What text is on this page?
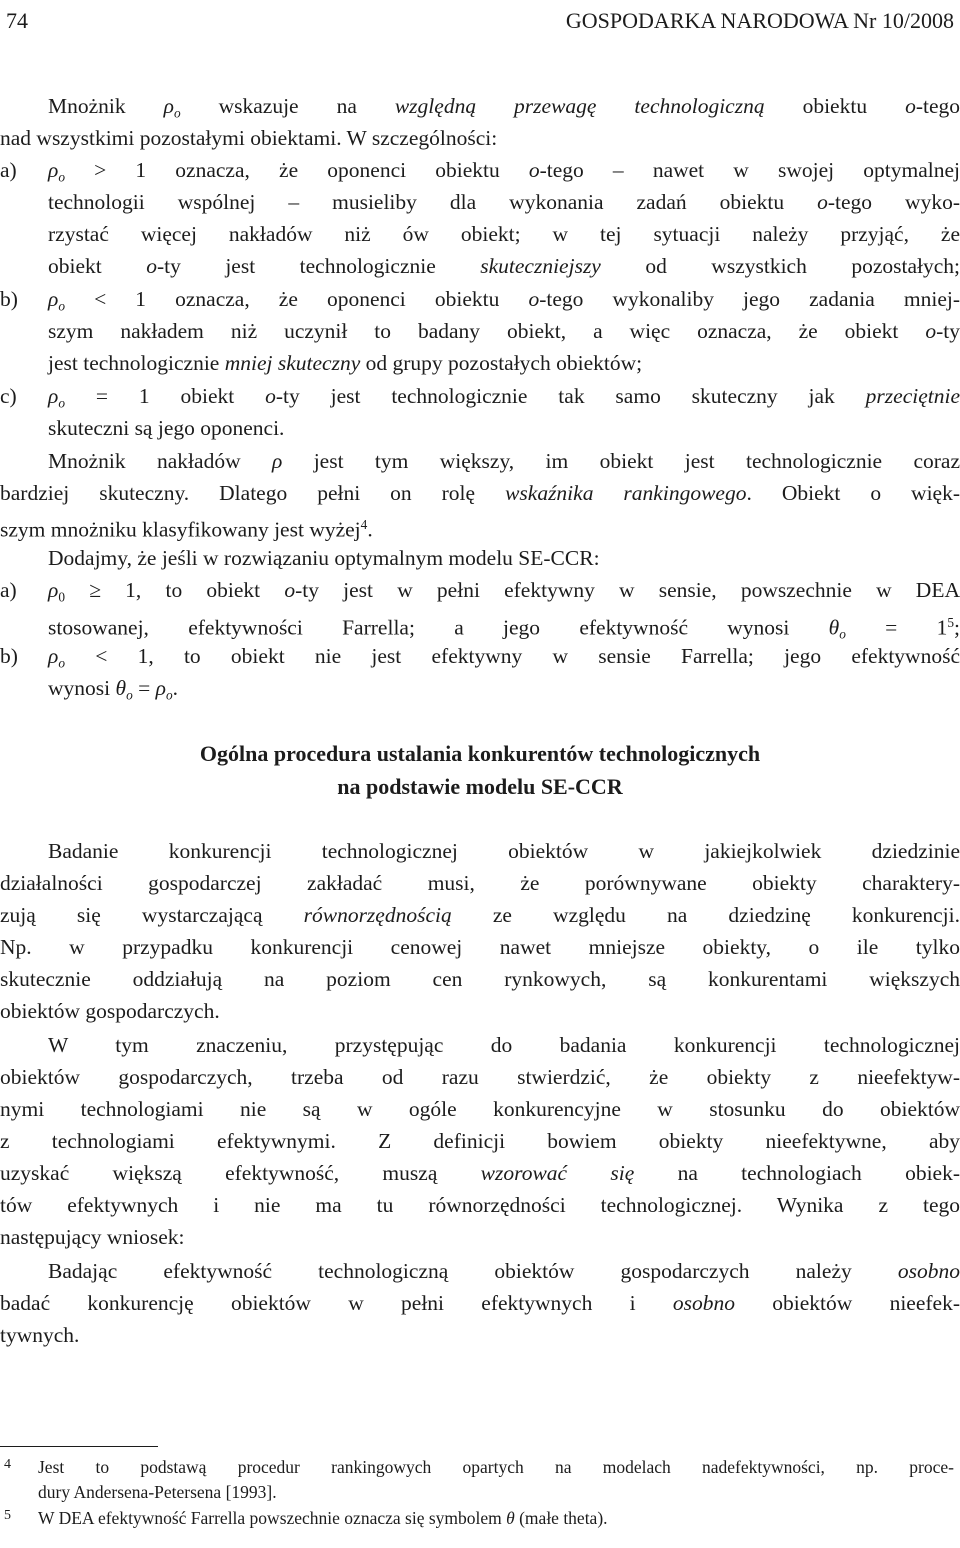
74	GOSPODARKA NARODOWA Nr 10/2008

Mnożnik $\rho_o$ wskazuje na względną przewagę technologiczną obiektu o-tego

nad wszystkimi pozostałymi obiektami. W szczególności:

a) $\rho_o > 1$ oznacza, że oponenci obiektu o-tego – nawet w swojej optymalnej

technologii wspólnej – musieliby dla wykonania zadań obiektu o-tego wyko-

rzystać więcej nakładów niż ów obiekt; w tej sytuacji należy przyjąć, że

obiekt o-ty jest technologicznie skuteczniejszy od wszystkich pozostałych;

b) $\rho_o < 1$ oznacza, że oponenci obiektu o-tego wykonaliby jego zadania mniej-

szym nakładem niż uczynił to badany obiekt, a więc oznacza, że obiekt o-ty

jest technologicznie mniej skuteczny od grupy pozostałych obiektów;

c) $\rho_o = 1$ obiekt o-ty jest technologicznie tak samo skuteczny jak przeciętnie

skuteczni są jego oponenci.

Mnożnik nakładów ρ jest tym większy, im obiekt jest technologicznie coraz

bardziej skuteczny. Dlatego pełni on rolę wskaźnika rankingowego. Obiekt o więk-

szym mnożniku klasyfikowany jest wyżej$^4$.

Dodajmy, że jeśli w rozwiązaniu optymalnym modelu SE-CCR:

a) $\rho_0 \ge 1$, to obiekt o-ty jest w pełni efektywny w sensie, powszechnie w DEA

stosowanej, efektywności Farrella; a jego efektywność wynosi $\theta_o = 1^5$;

b) $\rho_o < 1$, to obiekt nie jest efektywny w sensie Farrella; jego efektywność

wynosi $\theta_o = \rho_o$.

Ogólna procedura ustalania konkurentów technologicznych
na podstawie modelu SE-CCR

Badanie konkurencji technologicznej obiektów w jakiejkolwiek dziedzinie

działalności gospodarczej zakładać musi, że porównywane obiekty charaktery-

zują się wystarczającą równorzędnością ze względu na dziedzinę konkurencji.

Np. w przypadku konkurencji cenowej nawet mniejsze obiekty, o ile tylko

skutecznie oddziałują na poziom cen rynkowych, są konkurentami większych

obiektów gospodarczych.

W tym znaczeniu, przystępując do badania konkurencji technologicznej

obiektów gospodarczych, trzeba od razu stwierdzić, że obiekty z nieefektyw-

nymi technologiami nie są w ogóle konkurencyjne w stosunku do obiektów

z technologiami efektywnymi. Z definicji bowiem obiekty nieefektywne, aby

uzyskać większą efektywność, muszą wzorować się na technologiach obiek-

tów efektywnych i nie ma tu równorzędności technologicznej. Wynika z tego

następujący wniosek:

Badając efektywność technologiczną obiektów gospodarczych należy osobno

badać konkurencję obiektów w pełni efektywnych i osobno obiektów nieefek-

tywnych.

4 Jest to podstawą procedur rankingowych opartych na modelach nadefektywności, np. proce-
dury Andersena-Petersena [1993].
5 W DEA efektywność Farrella powszechnie oznacza się symbolem θ (małe theta).
